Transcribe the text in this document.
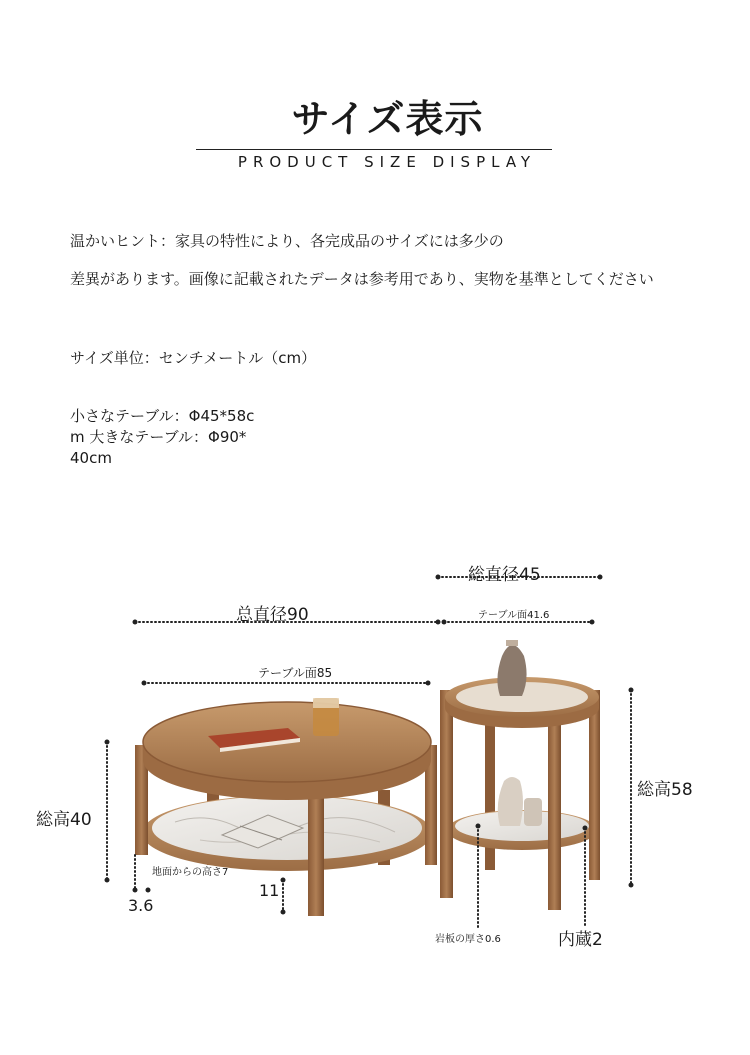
サイズ表示
PRODUCT SIZE DISPLAY
温かいヒント：家具の特性により、各完成品のサイズには多少の
差異があります。画像に記載されたデータは参考用であり、実物を基準としてください
サイズ単位：センチメートル（cm）
小さなテーブル：Φ45*58c
m 大きなテーブル：Φ90*
40cm
总直径90
テーブル面85
総高40
地面からの高さ7
3.6
11
総直径45
テーブル面41.6
総高58
岩板の厚さ0.6	内蔵2
